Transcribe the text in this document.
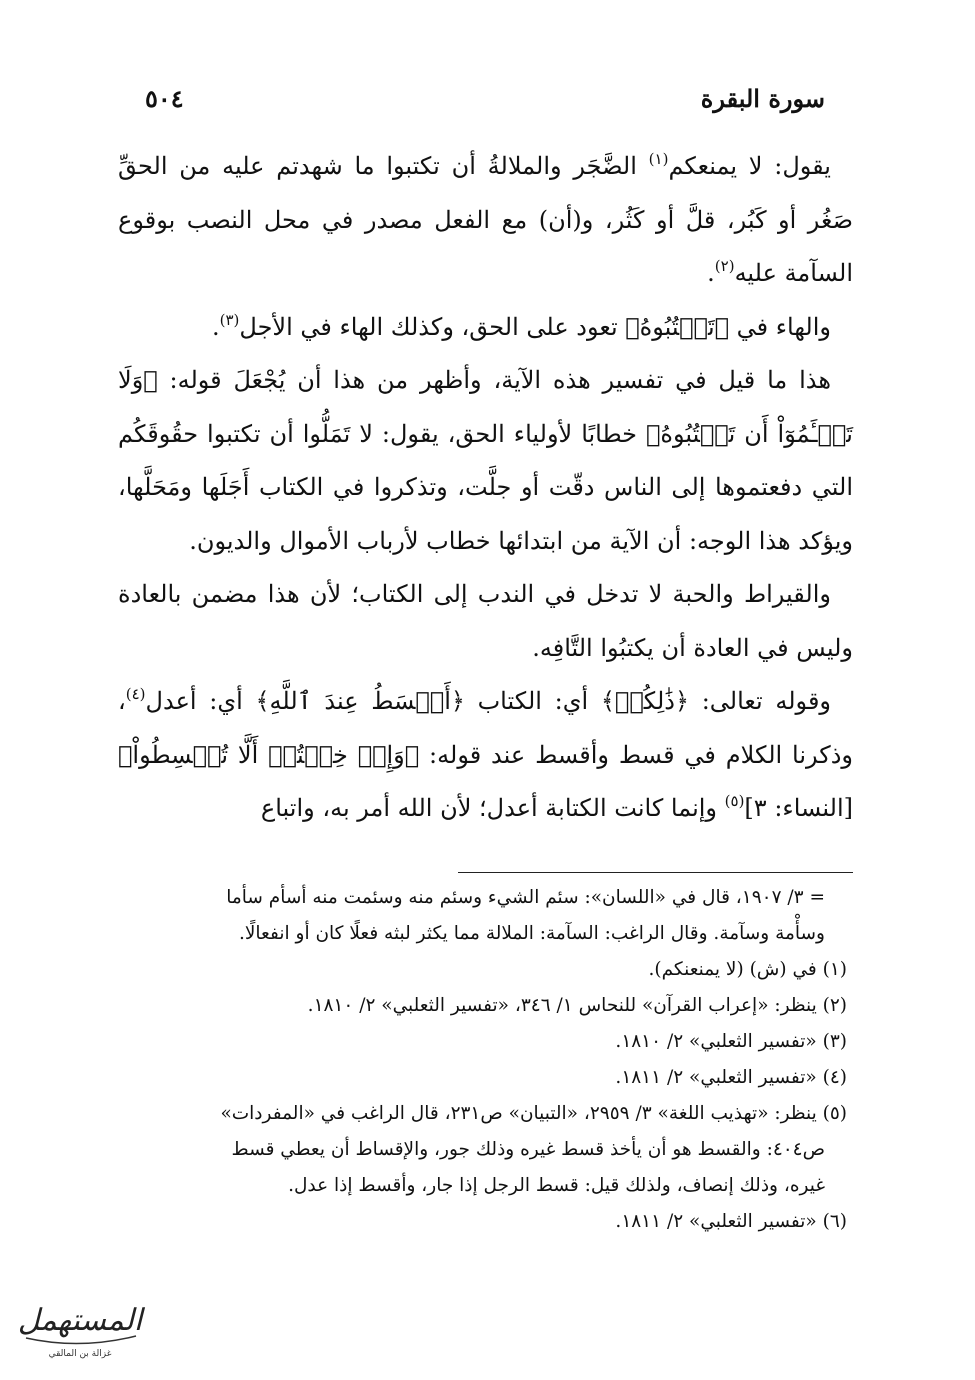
سورة البقرة
٥٠٤

يقول: لا يمنعكم$^{(١)}$ الضَّجَر والملالةُ أن تكتبوا ما شهدتم عليه من الحقِّ صَغُر أو كَبُر، قلَّ أو كَثُر، و(أن) مع الفعل مصدر في محل النصب بوقوع السآمة عليه$^{(٢)}$.

والهاء في ﴿تَكۡتُبُوهُ﴾ تعود على الحق، وكذلك الهاء في الأجل$^{(٣)}$.

هذا ما قيل في تفسير هذه الآية، وأظهر من هذا أن يُجْعَلَ قوله: ﴿وَلَا تَسۡـَٔمُوٓاْ أَن تَكۡتُبُوهُ﴾ خطابًا لأولياء الحق، يقول: لا تَمَلُّوا أن تكتبوا حقُوقَكُم التي دفعتموها إلى الناس دقّت أو جلَّت، وتذكروا في الكتاب أَجَلَها ومَحَلَّها، ويؤكد هذا الوجه: أن الآية من ابتدائها خطاب لأرباب الأموال والديون.

والقيراط والحبة لا تدخل في الندب إلى الكتاب؛ لأن هذا مضمن بالعادة وليس في العادة أن يكتبُوا التَّافِه.

وقوله تعالى: ﴿ذَٰلِكُمۡ﴾ أي: الكتاب ﴿أَقۡسَطُ عِندَ ٱللَّهِ﴾ أي: أعدل$^{(٤)}$، وذكرنا الكلام في قسط وأقسط عند قوله: ﴿وَإِنۡ خِفۡتُمۡ أَلَّا تُقۡسِطُواْ﴾ [النساء: ٣]$^{(٥)}$ وإنما كانت الكتابة أعدل؛ لأن الله أمر به، واتباع

= ٣/ ١٩٠٧، قال في «اللسان»: سئم الشيء وسئم منه وسئمت منه أسأم سأما

وسأْمة وسآمة. وقال الراغب: السآمة: الملالة مما يكثر لبثه فعلًا كان أو انفعالًا.

(١) في (ش) (لا يمنعنكم).

(٢) ينظر: «إعراب القرآن» للنحاس ١/ ٣٤٦، «تفسير الثعلبي» ٢/ ١٨١٠.

(٣) «تفسير الثعلبي» ٢/ ١٨١٠.

(٤) «تفسير الثعلبي» ٢/ ١٨١١.

(٥) ينظر: «تهذيب اللغة» ٣/ ٢٩٥٩، «التبيان» ص٢٣١، قال الراغب في «المفردات»

ص٤٠٤: والقسط هو أن يأخذ قسط غيره وذلك جور، والإقساط أن يعطي قسط

غيره، وذلك إنصاف، ولذلك قيل: قسط الرجل إذا جار، وأقسط إذا عدل.

(٦) «تفسير الثعلبي» ٢/ ١٨١١.

المستهمل
غزالة بن المالقي
